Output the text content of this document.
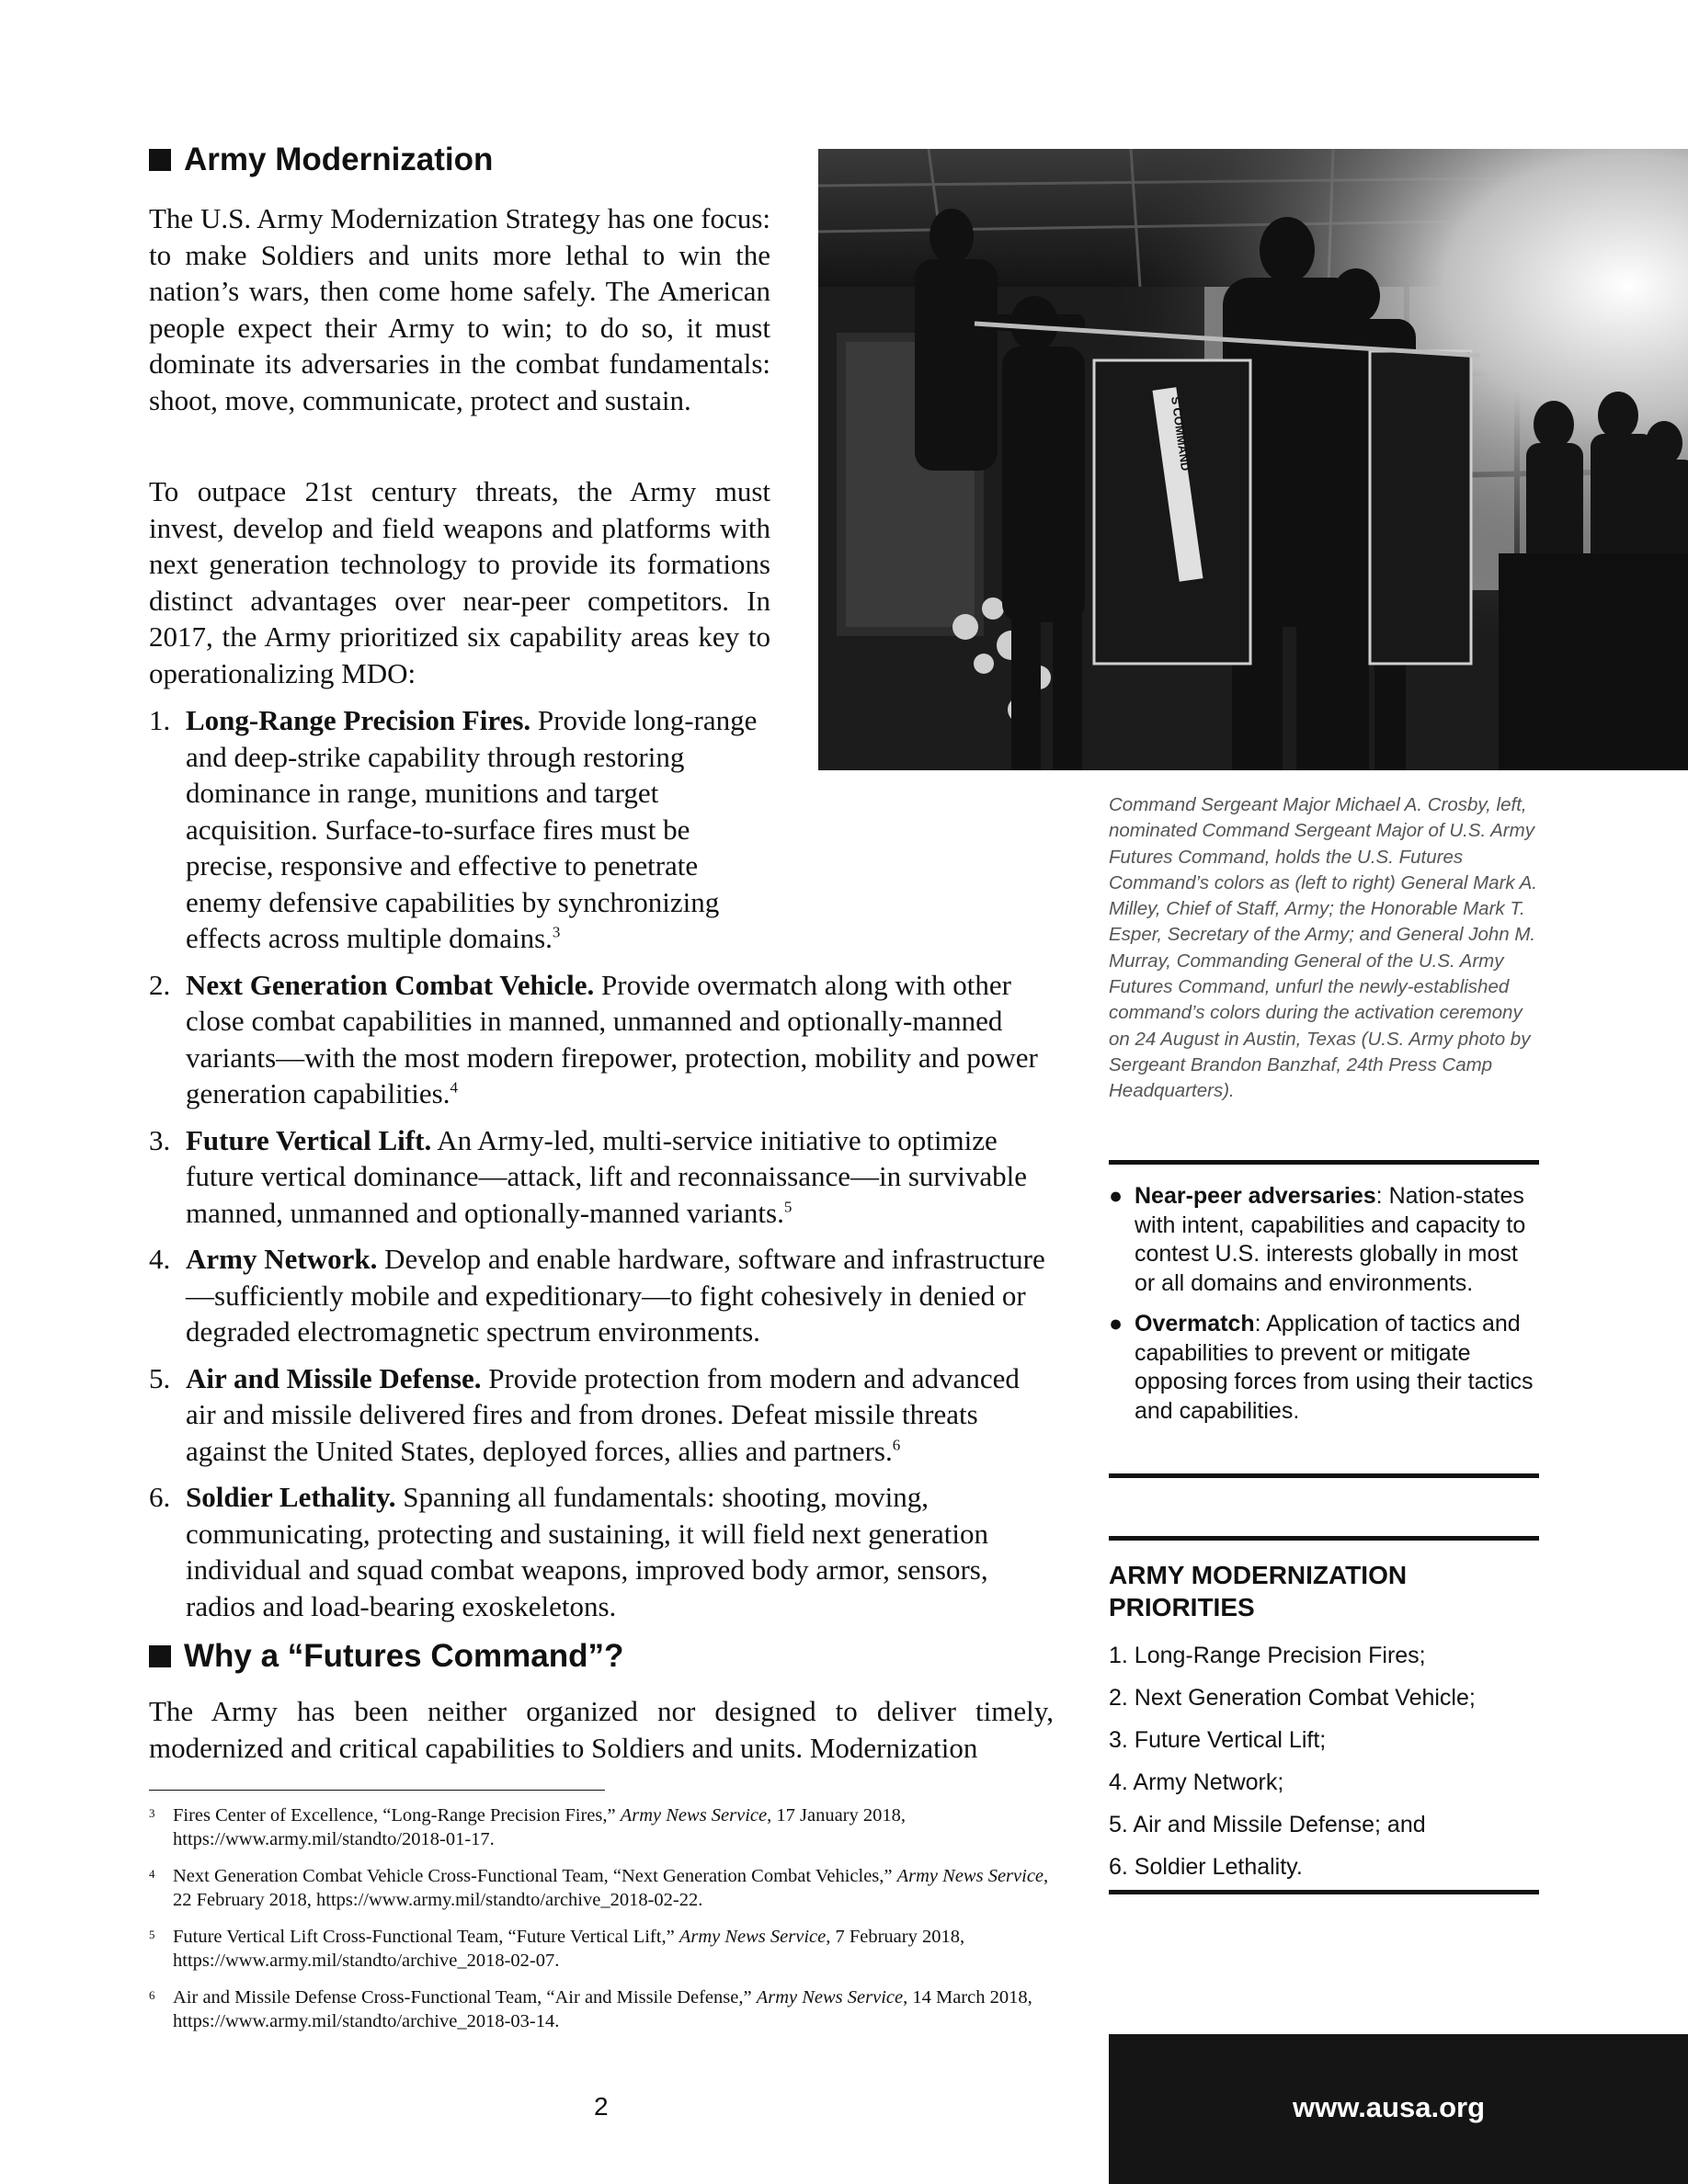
Army Modernization

The U.S. Army Modernization Strategy has one focus: to make Soldiers and units more lethal to win the nation’s wars, then come home safely. The American people expect their Army to win; to do so, it must dominate its adversaries in the combat fundamentals: shoot, move, communicate, protect and sustain.

To outpace 21st century threats, the Army must invest, develop and field weapons and platforms with next generation technology to provide its formations distinct advantages over near-peer competitors. In 2017, the Army prioritized six capability areas key to operationalizing MDO:

S COMMAND

Command Sergeant Major Michael A. Crosby, left, nominated Command Sergeant Major of U.S. Army Futures Command, holds the U.S. Futures Command’s colors as (left to right) General Mark A. Milley, Chief of Staff, Army; the Honorable Mark T. Esper, Secretary of the Army; and General John M. Murray, Commanding General of the U.S. Army Futures Command, unfurl the newly-established command’s colors during the activation ceremony on 24 August in Austin, Texas (U.S. Army photo by Sergeant Brandon Banzhaf, 24th Press Camp Headquarters).

1. Long-Range Precision Fires. Provide long-range and deep-strike capability through restoring dominance in range, munitions and target acquisition. Surface-to-surface fires must be precise, responsive and effective to penetrate enemy defensive capabilities by synchronizing effects across multiple domains.$^3$
2. Next Generation Combat Vehicle. Provide overmatch along with other close combat capabilities in manned, unmanned and optionally-manned variants—with the most modern firepower, protection, mobility and power generation capabilities.$^4$
3. Future Vertical Lift. An Army-led, multi-service initiative to optimize future vertical dominance—attack, lift and reconnaissance—in survivable manned, unmanned and optionally-manned variants.$^5$
4. Army Network. Develop and enable hardware, software and infrastructure—sufficiently mobile and expeditionary—to fight cohesively in denied or degraded electromagnetic spectrum environments.
5. Air and Missile Defense. Provide protection from modern and advanced air and missile delivered fires and from drones. Defeat missile threats against the United States, deployed forces, allies and partners.$^6$
6. Soldier Lethality. Spanning all fundamentals: shooting, moving, communicating, protecting and sustaining, it will field next generation individual and squad combat weapons, improved body armor, sensors, radios and load-bearing exoskeletons.
Why a “Futures Command”?

The Army has been neither organized nor designed to deliver timely, modernized and critical capabilities to Soldiers and units. Modernization

3 Fires Center of Excellence, “Long-Range Precision Fires,” Army News Service, 17 January 2018, https://www.army.mil/standto/2018-01-17.
4 Next Generation Combat Vehicle Cross-Functional Team, “Next Generation Combat Vehicles,” Army News Service, 22 February 2018, https://www.army.mil/standto/archive_2018-02-22.
5 Future Vertical Lift Cross-Functional Team, “Future Vertical Lift,” Army News Service, 7 February 2018, https://www.army.mil/standto/archive_2018-02-07.
6 Air and Missile Defense Cross-Functional Team, “Air and Missile Defense,” Army News Service, 14 March 2018, https://www.army.mil/standto/archive_2018-03-14.
● Near-peer adversaries: Nation-states with intent, capabilities and capacity to contest U.S. interests globally in most or all domains and environments.
● Overmatch: Application of tactics and capabilities to prevent or mitigate opposing forces from using their tactics and capabilities.
ARMY MODERNIZATION PRIORITIES
1. Long-Range Precision Fires;
2. Next Generation Combat Vehicle;
3. Future Vertical Lift;
4. Army Network;
5. Air and Missile Defense; and
6. Soldier Lethality.
2	www.ausa.org
